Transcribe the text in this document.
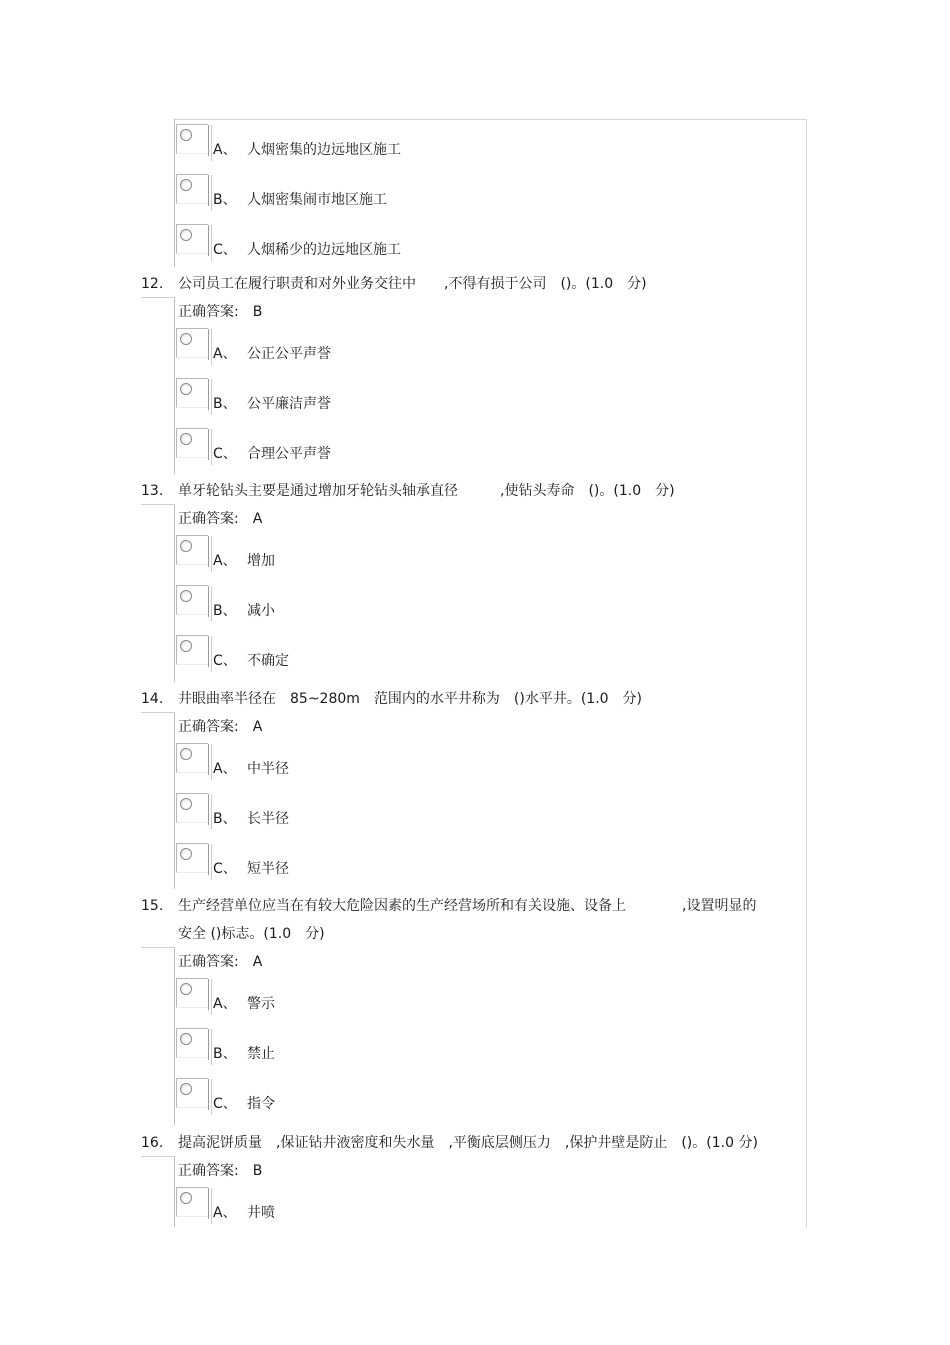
A、 人烟密集的边远地区施工
B、 人烟密集闹市地区施工
C、 人烟稀少的边远地区施工
12. 公司员工在履行职责和对外业务交往中　　,不得有损于公司　()。(1.0　分)
正确答案:　B
A、 公正公平声誉
B、 公平廉洁声誉
C、 合理公平声誉
13. 单牙轮钻头主要是通过增加牙轮钻头轴承直径　　　,使钻头寿命　()。(1.0　分)
正确答案:　A
A、 增加
B、 减小
C、 不确定
14. 井眼曲率半径在　85~280m　范围内的水平井称为　()水平井。(1.0　分)
正确答案:　A
A、 中半径
B、 长半径
C、 短半径
15. 生产经营单位应当在有较大危险因素的生产经营场所和有关设施、设备上　　　　,设置明显的
安全 ()标志。(1.0　分)
正确答案:　A
A、 警示
B、 禁止
C、 指令
16. 提高泥饼质量　,保证钻井液密度和失水量　,平衡底层侧压力　,保护井壁是防止　()。(1.0 分)
正确答案:　B
A、 井喷
